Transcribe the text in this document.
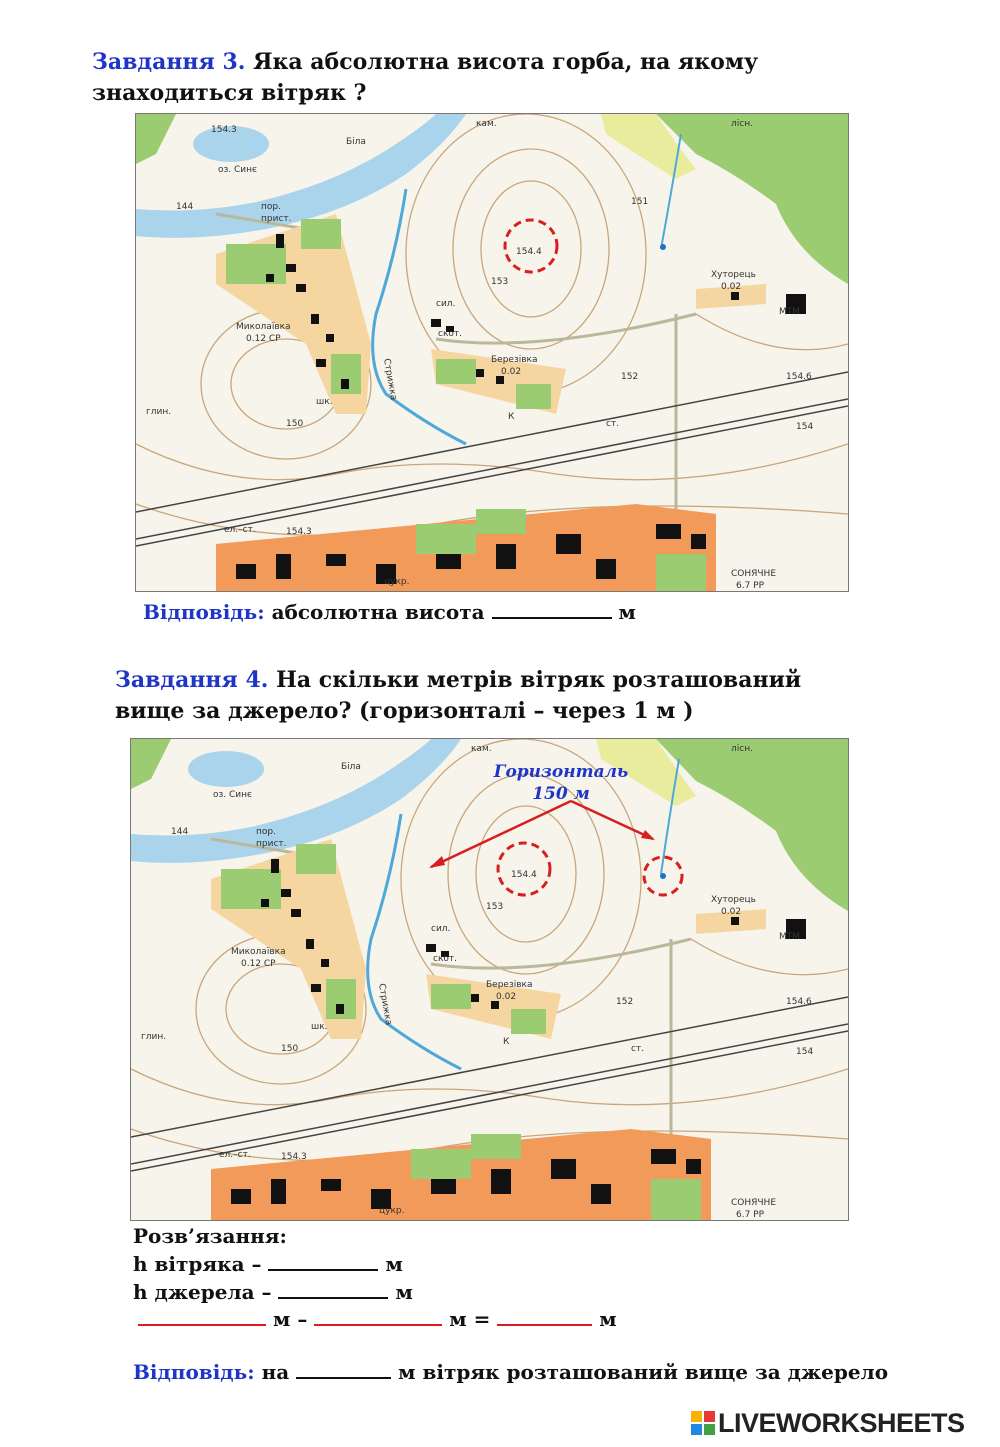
Завдання 3. Яка абсолютна висота горба, на якому
знаходиться вітряк ?
оз. Синє
Біла
154.3
144	пор.
прист.
Миколаївка
0.12 СР
Березівка
0.02
Хуторець
0.02
СОНЯЧНЕ
6.7 РР
154.4
154.6
154.3
150
151
152
153
154
МТМ
лісн.
ст.
сил.
скот.
глин.
Стрижка
К
ел.–ст.
цукр.
шк.
кам.
Відповідь: абсолютна висота	м
Завдання 4. На скільки метрів вітряк розташований
вище за джерело? (горизонталі – через 1 м )
Горизонталь
150 м
оз. Синє
Біла
144	пор.
прист.
Миколаївка
0.12 СР
Березівка
0.02
Хуторець
0.02
СОНЯЧНЕ
6.7 РР
154.4
154.6
154.3
150
152
153
154
МТМ
лісн.
ст.
сил.
скот.
глин.
Стрижка
К
ел.–ст.
цукр.
шк.
кам.
Розв’язання:
h вітряка –	м
h джерела –	м
м –	м =	м
Відповідь: на	м вітряк розташований вище за джерело
LIVEWORKSHEETS
